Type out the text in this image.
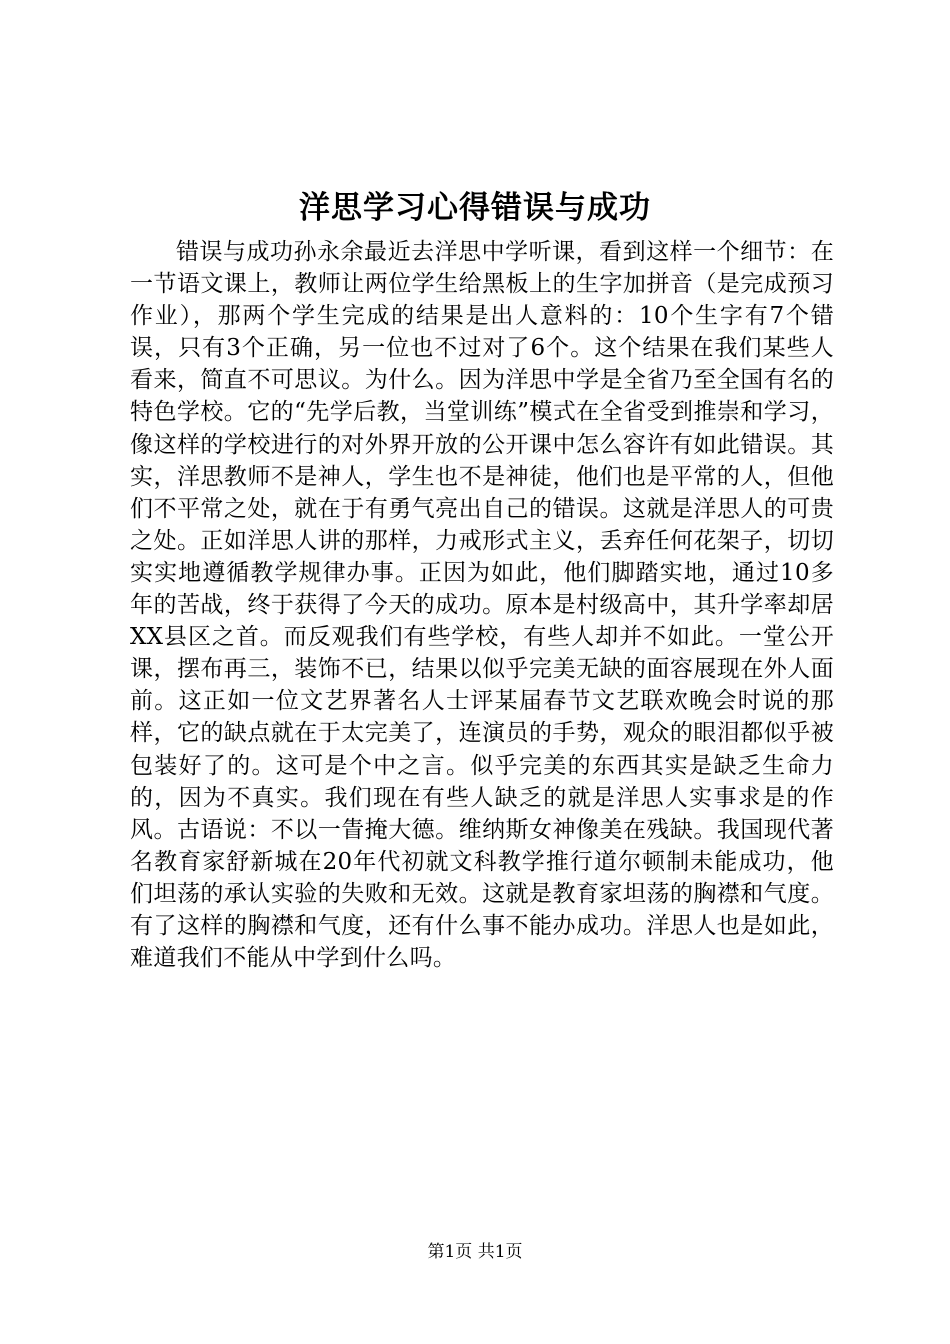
洋思学习心得错误与成功

错误与成功孙永余最近去洋思中学听课，看到这样一个细节：在一节语文课上，教师让两位学生给黑板上的生字加拼音（是完成预习作业），那两个学生完成的结果是出人意料的：10个生字有7个错误，只有3个正确，另一位也不过对了6个。这个结果在我们某些人看来，简直不可思议。为什么。因为洋思中学是全省乃至全国有名的特色学校。它的“先学后教，当堂训练”模式在全省受到推崇和学习，像这样的学校进行的对外界开放的公开课中怎么容许有如此错误。其实，洋思教师不是神人，学生也不是神徒，他们也是平常的人，但他们不平常之处，就在于有勇气亮出自己的错误。这就是洋思人的可贵之处。正如洋思人讲的那样，力戒形式主义，丢弃任何花架子，切切实实地遵循教学规律办事。正因为如此，他们脚踏实地，通过10多年的苦战，终于获得了今天的成功。原本是村级高中，其升学率却居XX县区之首。而反观我们有些学校，有些人却并不如此。一堂公开课，摆布再三，装饰不已，结果以似乎完美无缺的面容展现在外人面前。这正如一位文艺界著名人士评某届春节文艺联欢晚会时说的那样，它的缺点就在于太完美了，连演员的手势，观众的眼泪都似乎被包装好了的。这可是个中之言。似乎完美的东西其实是缺乏生命力的，因为不真实。我们现在有些人缺乏的就是洋思人实事求是的作风。古语说：不以一眚掩大德。维纳斯女神像美在残缺。我国现代著名教育家舒新城在20年代初就文科教学推行道尔顿制未能成功，他们坦荡的承认实验的失败和无效。这就是教育家坦荡的胸襟和气度。有了这样的胸襟和气度，还有什么事不能办成功。洋思人也是如此，难道我们不能从中学到什么吗。

第1页 共1页
